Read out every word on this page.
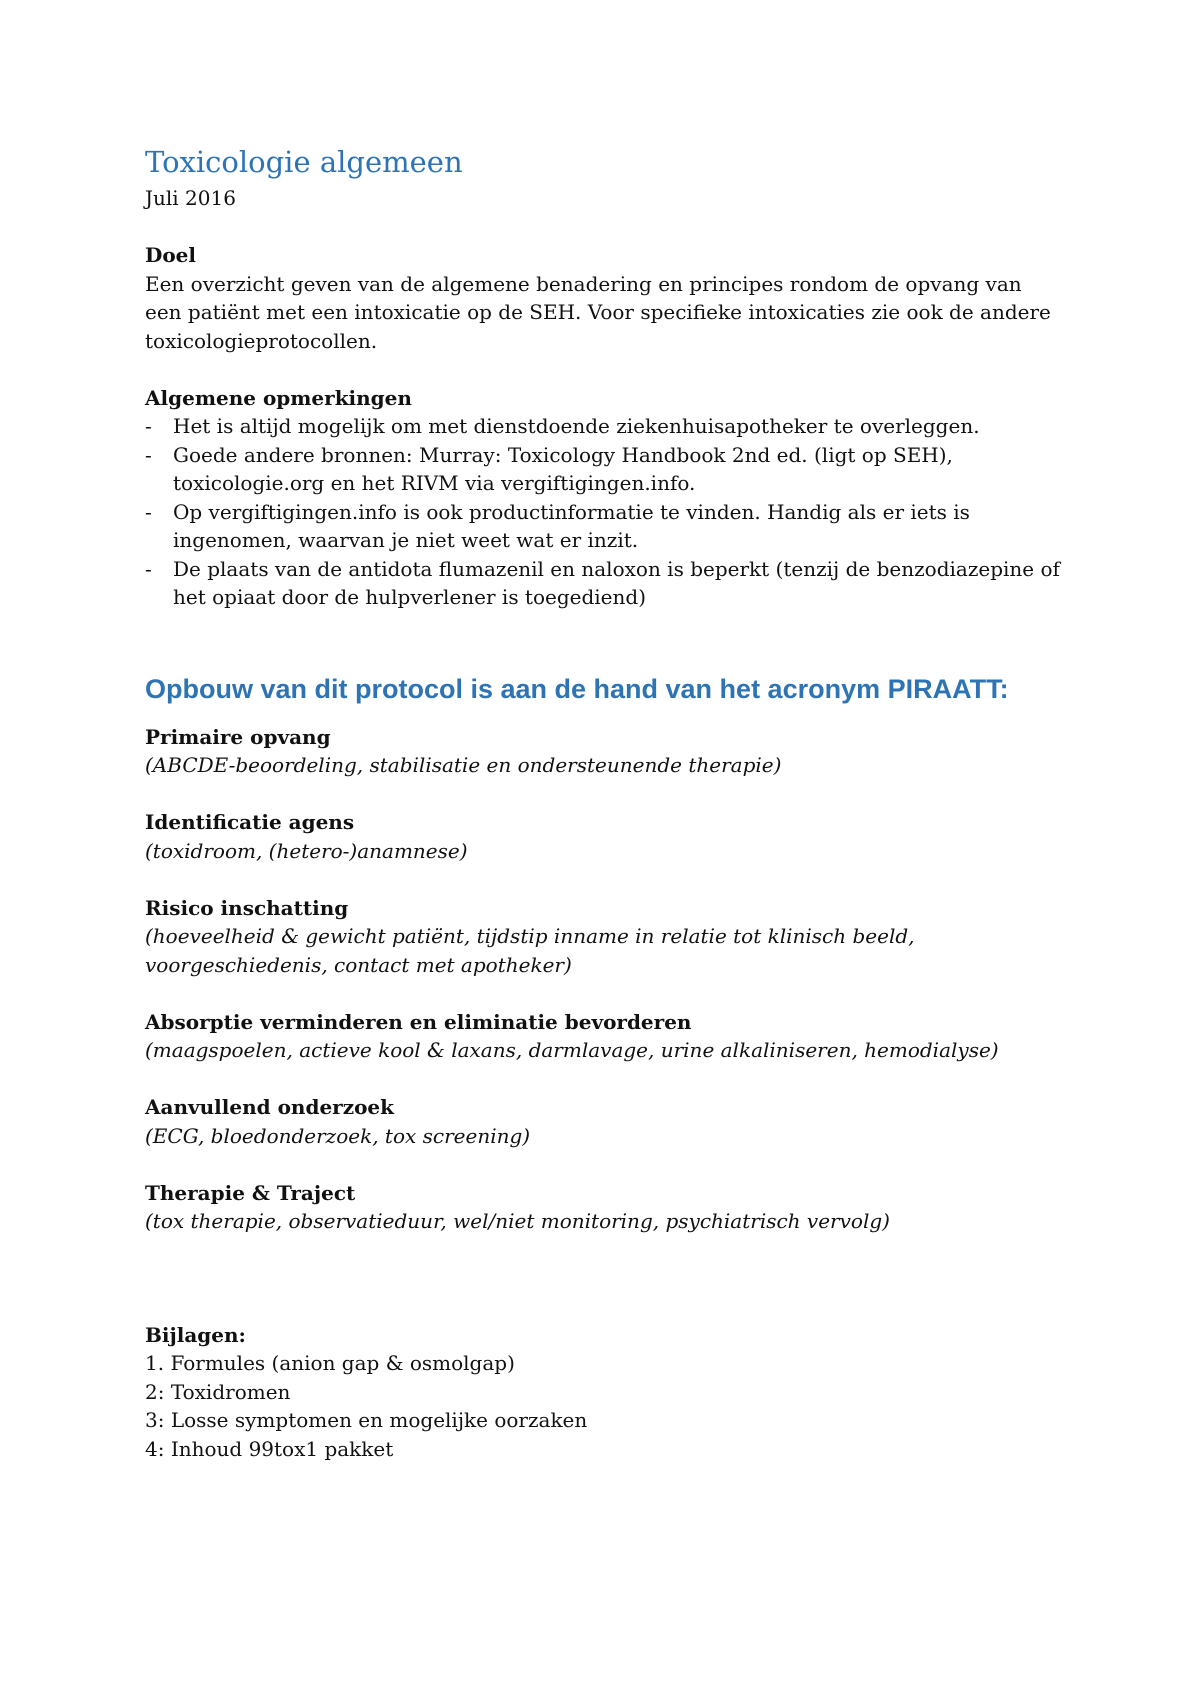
Toxicologie algemeen

Juli 2016

Doel

Een overzicht geven van de algemene benadering en principes rondom de opvang van

een patiënt met een intoxicatie op de SEH. Voor specifieke intoxicaties zie ook de andere

toxicologieprotocollen.

Algemene opmerkingen

- Het is altijd mogelijk om met dienstdoende ziekenhuisapotheker te overleggen.
- Goede andere bronnen: Murray: Toxicology Handbook 2nd ed. (ligt op SEH), toxicologie.org en het RIVM via vergiftigingen.info.
- Op vergiftigingen.info is ook productinformatie te vinden. Handig als er iets is ingenomen, waarvan je niet weet wat er inzit.
- De plaats van de antidota flumazenil en naloxon is beperkt (tenzij de benzodiazepine of het opiaat door de hulpverlener is toegediend)
Opbouw van dit protocol is aan de hand van het acronym PIRAATT:

Primaire opvang

(ABCDE-beoordeling, stabilisatie en ondersteunende therapie)

Identificatie agens

(toxidroom, (hetero-)anamnese)

Risico inschatting

(hoeveelheid & gewicht patiënt, tijdstip inname in relatie tot klinisch beeld,

voorgeschiedenis, contact met apotheker)

Absorptie verminderen en eliminatie bevorderen

(maagspoelen, actieve kool & laxans, darmlavage, urine alkaliniseren, hemodialyse)

Aanvullend onderzoek

(ECG, bloedonderzoek, tox screening)

Therapie & Traject

(tox therapie, observatieduur, wel/niet monitoring, psychiatrisch vervolg)

Bijlagen:

1. Formules (anion gap & osmolgap)

2: Toxidromen

3: Losse symptomen en mogelijke oorzaken

4: Inhoud 99tox1 pakket
